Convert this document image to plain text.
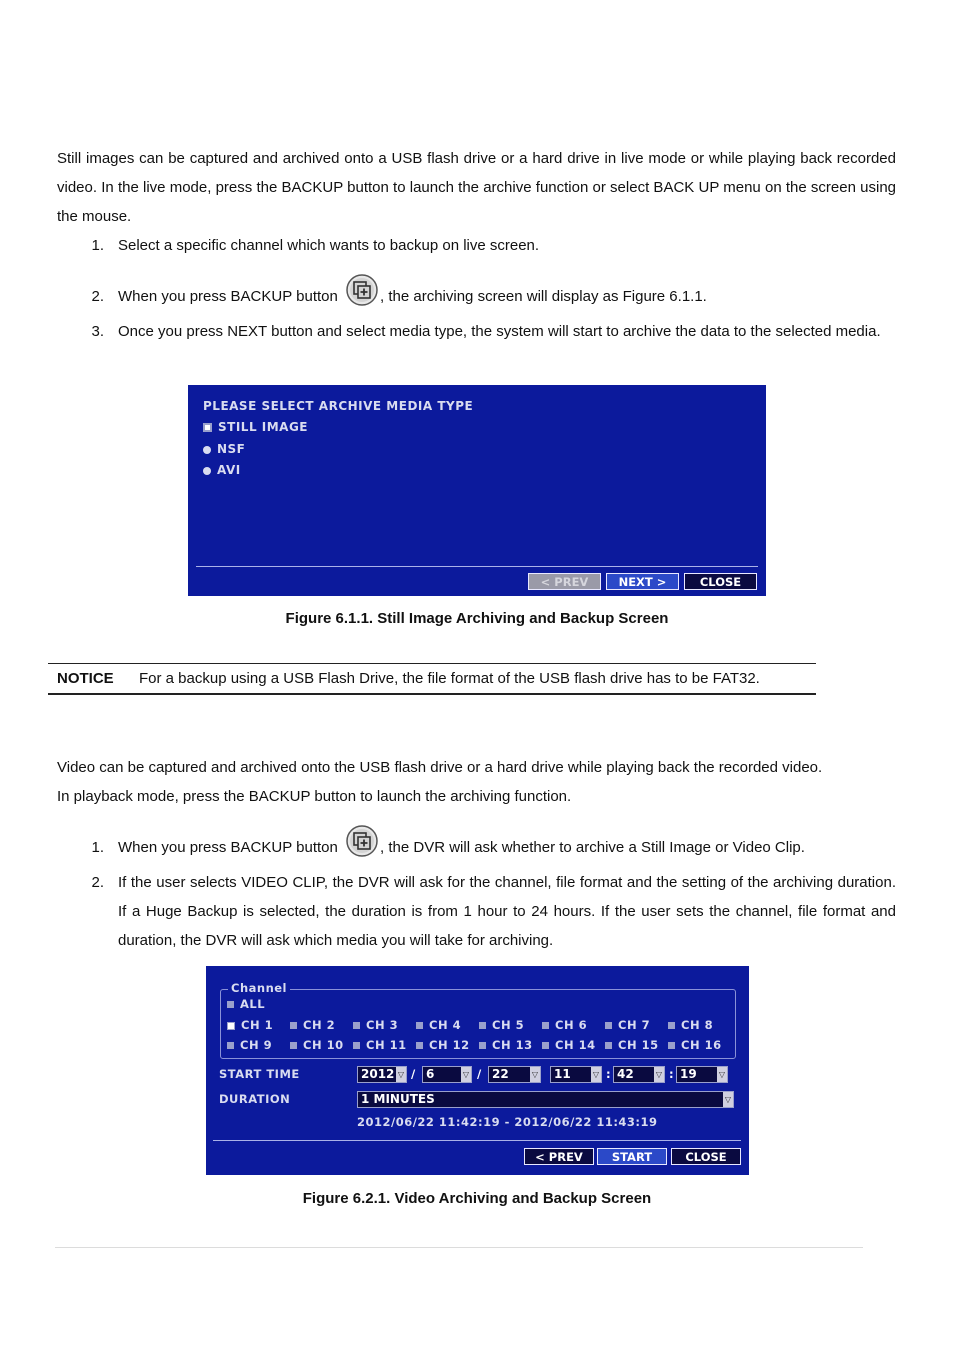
Still images can be captured and archived onto a USB flash drive or a hard drive in live mode or while playing back recorded video. In the live mode, press the BACKUP button to launch the archive function or select BACK UP menu on the screen using the mouse.
1. Select a specific channel which wants to backup on live screen.
2. When you press BACKUP button	, the archiving screen will display as Figure 6.1.1.
3. Once you press NEXT button and select media type, the system will start to archive the data to the selected media.
PLEASE SELECT ARCHIVE MEDIA TYPE
STILL IMAGE
NSF
AVI
< PREV	NEXT >	CLOSE
Figure 6.1.1. Still Image Archiving and Backup Screen
NOTICE For a backup using a USB Flash Drive, the file format of the USB flash drive has to be FAT32.
Video can be captured and archived onto the USB flash drive or a hard drive while playing back the recorded video.
In playback mode, press the BACKUP button to launch the archiving function.
1. When you press BACKUP button	, the DVR will ask whether to archive a Still Image or Video Clip.
2. If the user selects VIDEO CLIP, the DVR will ask for the channel, file format and the setting of the archiving duration. If a Huge Backup is selected, the duration is from 1 hour to 24 hours. If the user sets the channel, file format and duration, the DVR will ask which media you will take for archiving.
Channel
ALL
CH 1	CH 2	CH 3	CH 4	CH 5	CH 6	CH 7	CH 8
CH 9	CH 10	CH 11	CH 12	CH 13	CH 14	CH 15	CH 16
START TIME	2012 ▽ / 6	▽ / 22	▽	11	▽ : 42	▽ : 19	▽
DURATION	1 MINUTES	▽
2012/06/22 11:42:19 - 2012/06/22 11:43:19
< PREV	START	CLOSE
Figure 6.2.1. Video Archiving and Backup Screen
